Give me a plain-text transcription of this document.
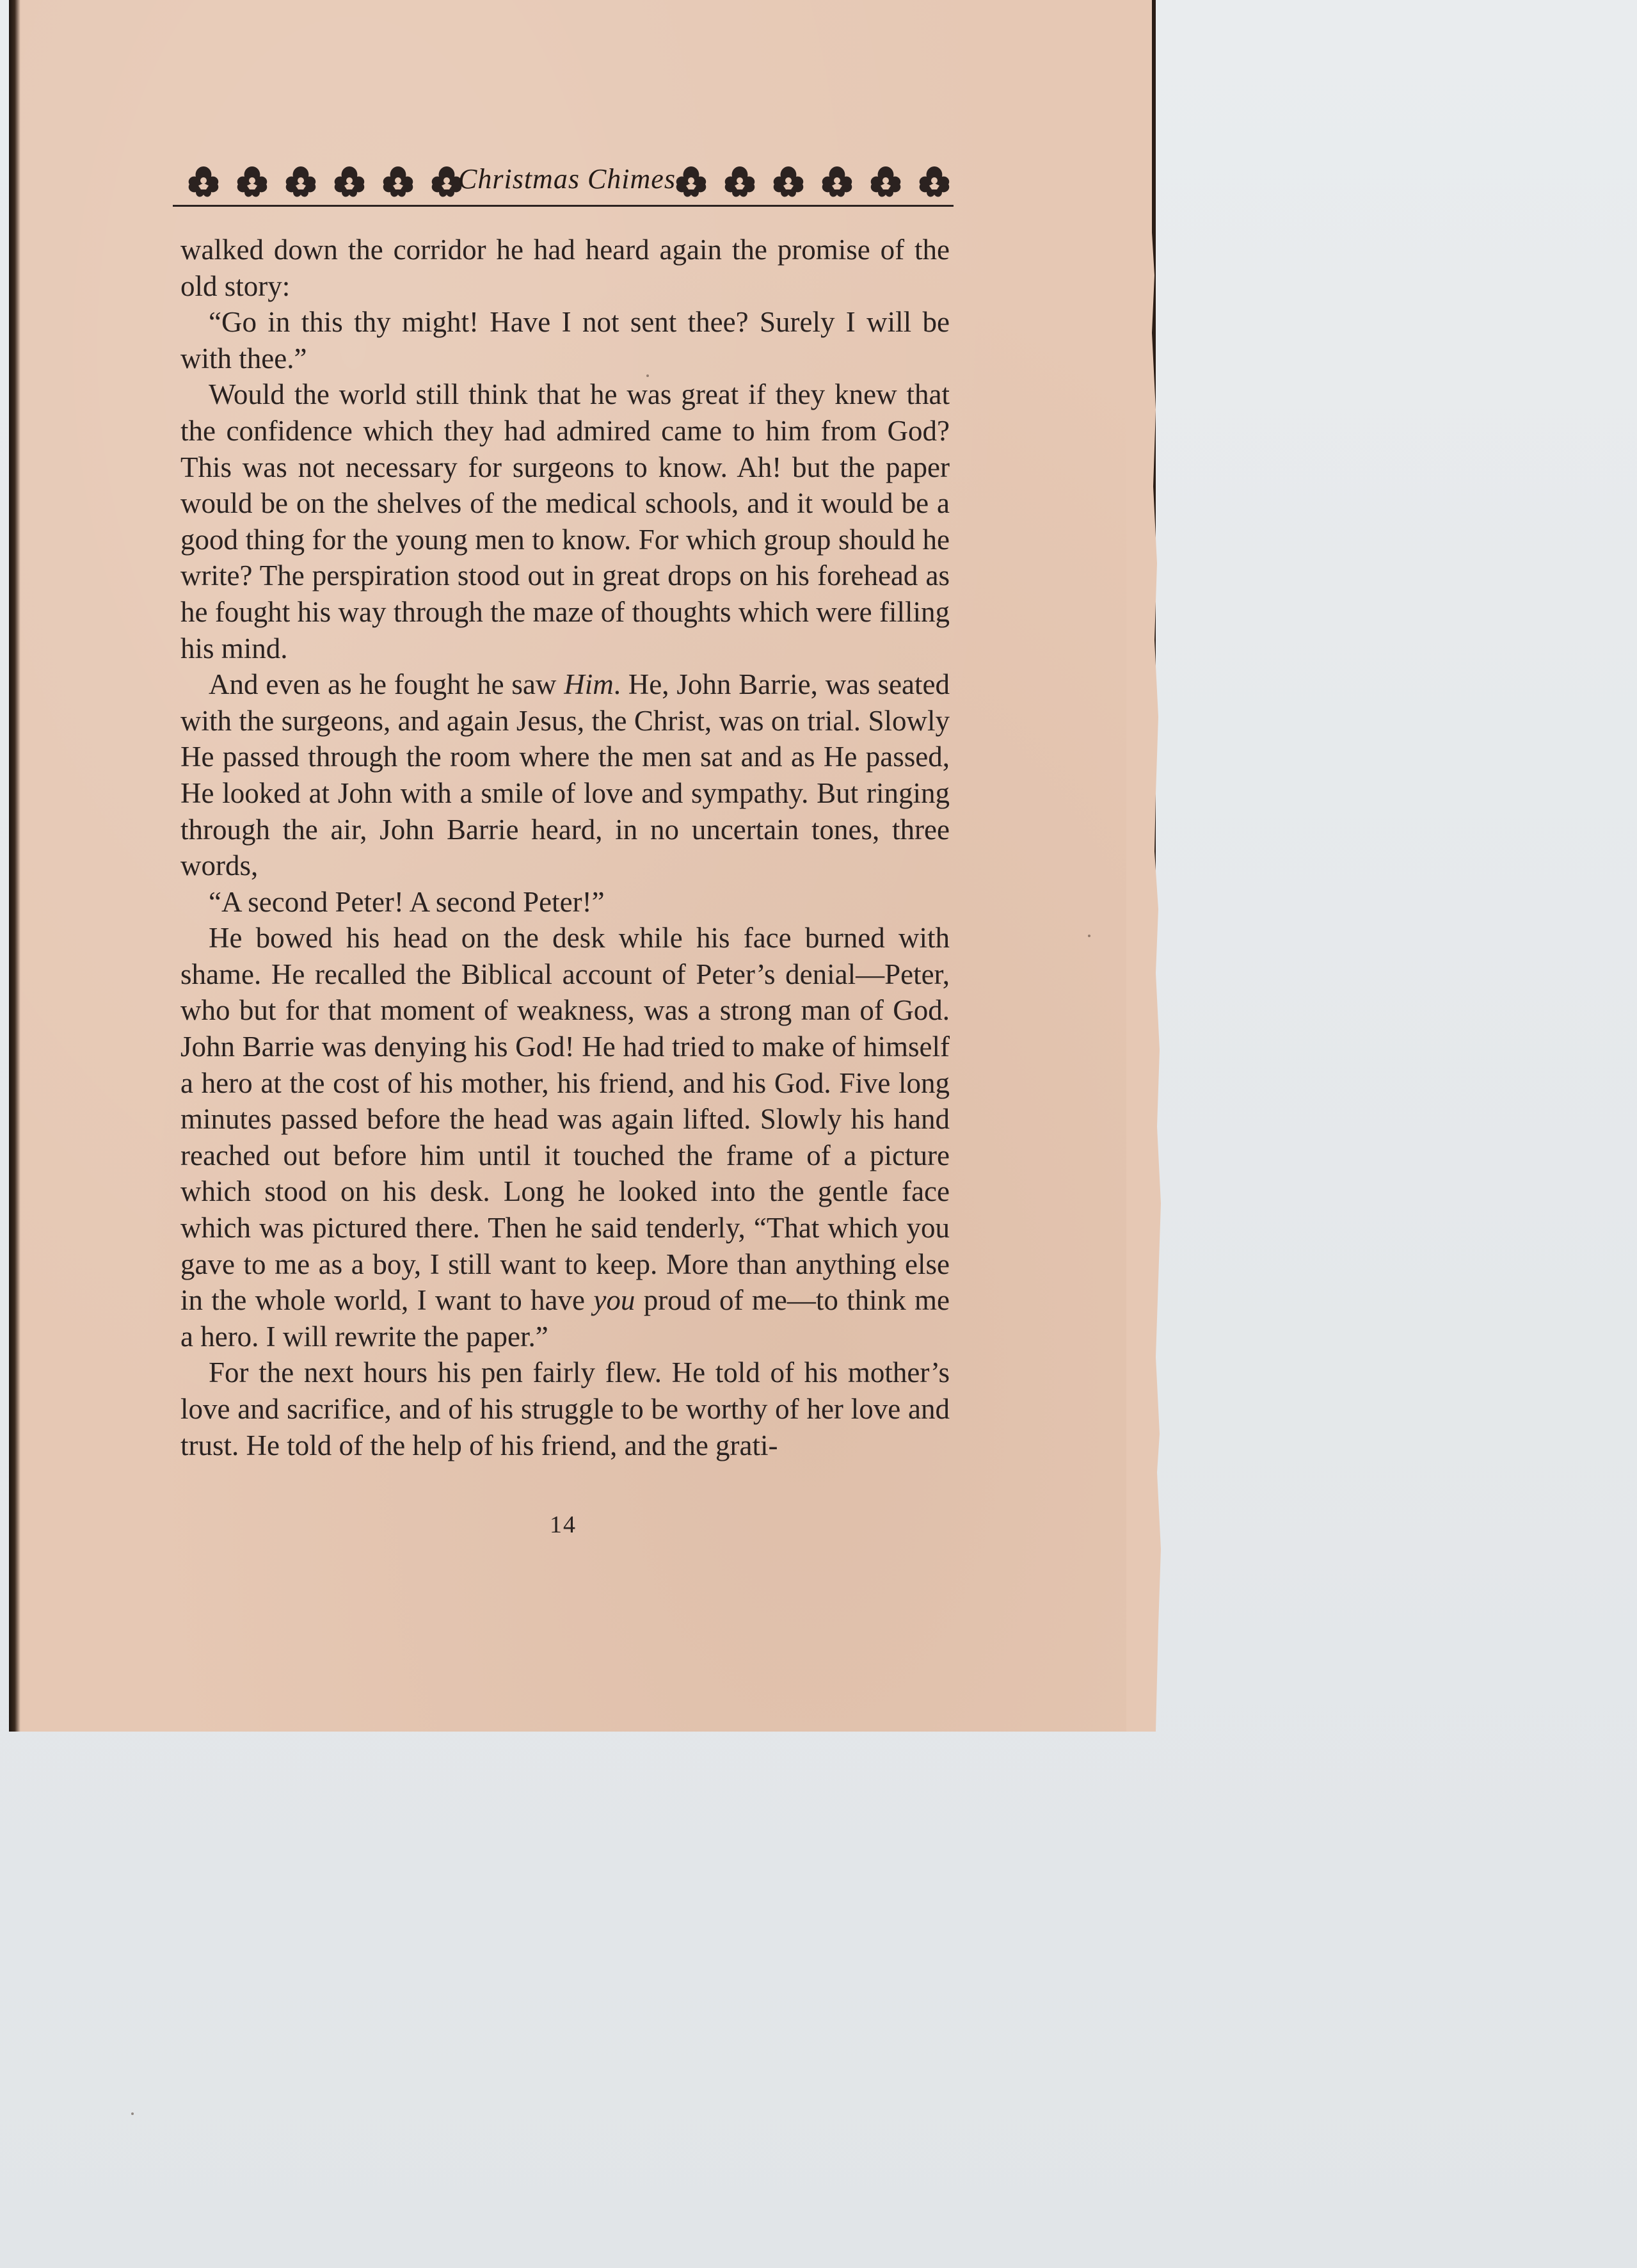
Christmas Chimes

walked down the corridor he had heard again the promise of the old story:

“Go in this thy might! Have I not sent thee? Surely I will be with thee.”

Would the world still think that he was great if they knew that the confidence which they had admired came to him from God? This was not necessary for surgeons to know. Ah! but the paper would be on the shelves of the medical schools, and it would be a good thing for the young men to know. For which group should he write? The perspiration stood out in great drops on his forehead as he fought his way through the maze of thoughts which were filling his mind.

And even as he fought he saw Him. He, John Barrie, was seated with the surgeons, and again Jesus, the Christ, was on trial. Slowly He passed through the room where the men sat and as He passed, He looked at John with a smile of love and sympathy. But ringing through the air, John Barrie heard, in no uncertain tones, three words,

“A second Peter! A second Peter!”

He bowed his head on the desk while his face burned with shame. He recalled the Biblical account of Peter’s denial—Peter, who but for that moment of weakness, was a strong man of God. John Barrie was denying his God! He had tried to make of himself a hero at the cost of his mother, his friend, and his God. Five long minutes passed before the head was again lifted. Slowly his hand reached out before him until it touched the frame of a picture which stood on his desk. Long he looked into the gentle face which was pictured there. Then he said tenderly, “That which you gave to me as a boy, I still want to keep. More than anything else in the whole world, I want to have you proud of me—to think me a hero. I will rewrite the paper.”

For the next hours his pen fairly flew. He told of his mother’s love and sacrifice, and of his struggle to be worthy of her love and trust. He told of the help of his friend, and the grati-

14
